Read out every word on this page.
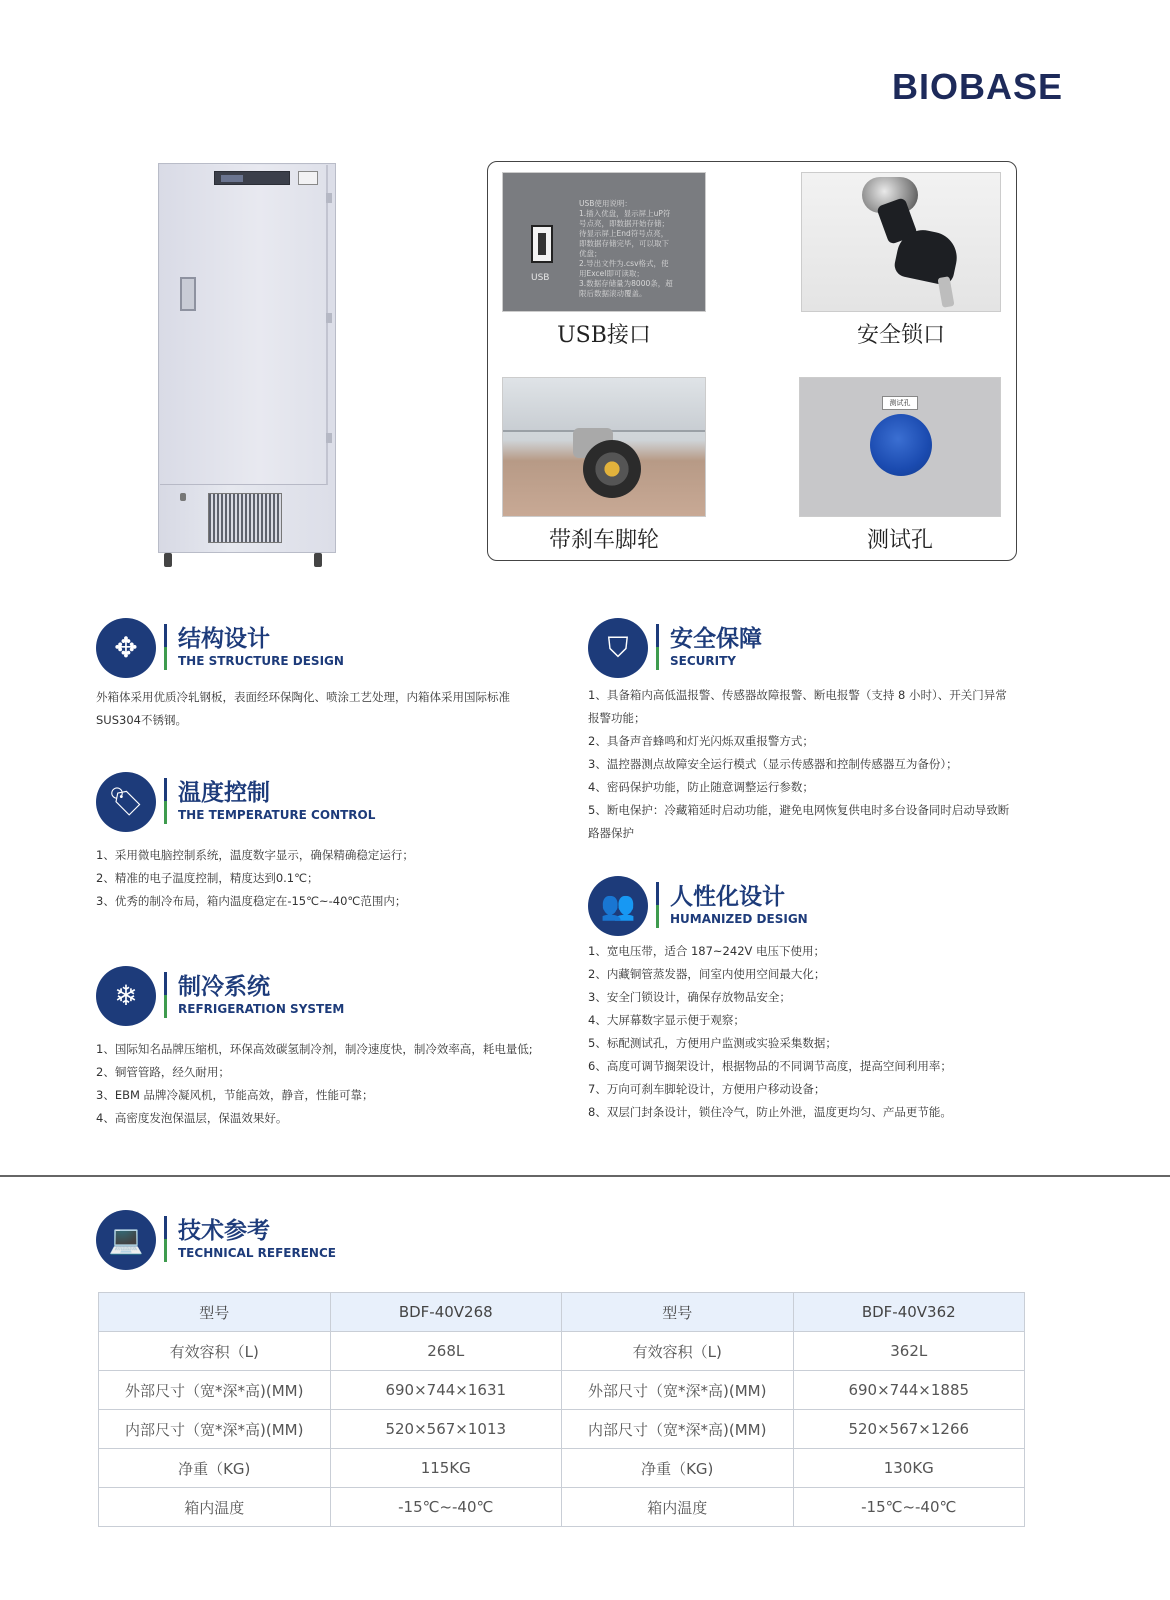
BIOBASE
USB
USB使用说明：
1.插入优盘，显示屏上uP符
号点亮，即数据开始存储；
待显示屏上End符号点亮，
即数据存储完毕，可以取下
优盘；
2.导出文件为.csv格式，使
用Excel即可读取；
3.数据存储量为8000条，超
限后数据滚动覆盖。
USB接口	安全锁口
带刹车脚轮
测试孔
测试孔
✥	结构设计
THE STRUCTURE DESIGN

外箱体采用优质冷轧钢板，表面经环保陶化、喷涂工艺处理，内箱体采用国际标准

SUS304不锈钢。

🏷	温度控制
THE TEMPERATURE CONTROL

1、采用微电脑控制系统，温度数字显示，确保精确稳定运行；

2、精准的电子温度控制，精度达到0.1℃；

3、优秀的制冷布局，箱内温度稳定在-15℃~-40℃范围内；

❄	制冷系统
REFRIGERATION SYSTEM

1、国际知名品牌压缩机，环保高效碳氢制冷剂，制冷速度快，制冷效率高，耗电量低;

2、铜管管路，经久耐用；

3、EBM 品牌冷凝风机，节能高效，静音，性能可靠；

4、高密度发泡保温层，保温效果好。

⛉	安全保障
SECURITY

1、具备箱内高低温报警、传感器故障报警、断电报警（支持 8 小时）、开关门异常

报警功能；

2、具备声音蜂鸣和灯光闪烁双重报警方式；

3、温控器测点故障安全运行模式（显示传感器和控制传感器互为备份）；

4、密码保护功能，防止随意调整运行参数；

5、断电保护：冷藏箱延时启动功能，避免电网恢复供电时多台设备同时启动导致断

路器保护

👥	人性化设计
HUMANIZED DESIGN

1、宽电压带，适合 187~242V 电压下使用；

2、内藏铜管蒸发器，间室内使用空间最大化；

3、安全门锁设计，确保存放物品安全；

4、大屏幕数字显示便于观察；

5、标配测试孔，方便用户监测或实验采集数据；

6、高度可调节搁架设计，根据物品的不同调节高度，提高空间利用率；

7、万向可刹车脚轮设计，方便用户移动设备；

8、双层门封条设计，锁住冷气，防止外泄，温度更均匀、产品更节能。

💻	技术参考
TECHNICAL REFERENCE
型号	BDF-40V268	型号	BDF-40V362
有效容积（L)	268L	有效容积（L)	362L
外部尺寸（宽*深*高)(MM)	690×744×1631	外部尺寸（宽*深*高)(MM)	690×744×1885
内部尺寸（宽*深*高)(MM)	520×567×1013	内部尺寸（宽*深*高)(MM)	520×567×1266
净重（KG)	115KG	净重（KG)	130KG
箱内温度	-15℃~-40℃	箱内温度	-15℃~-40℃
